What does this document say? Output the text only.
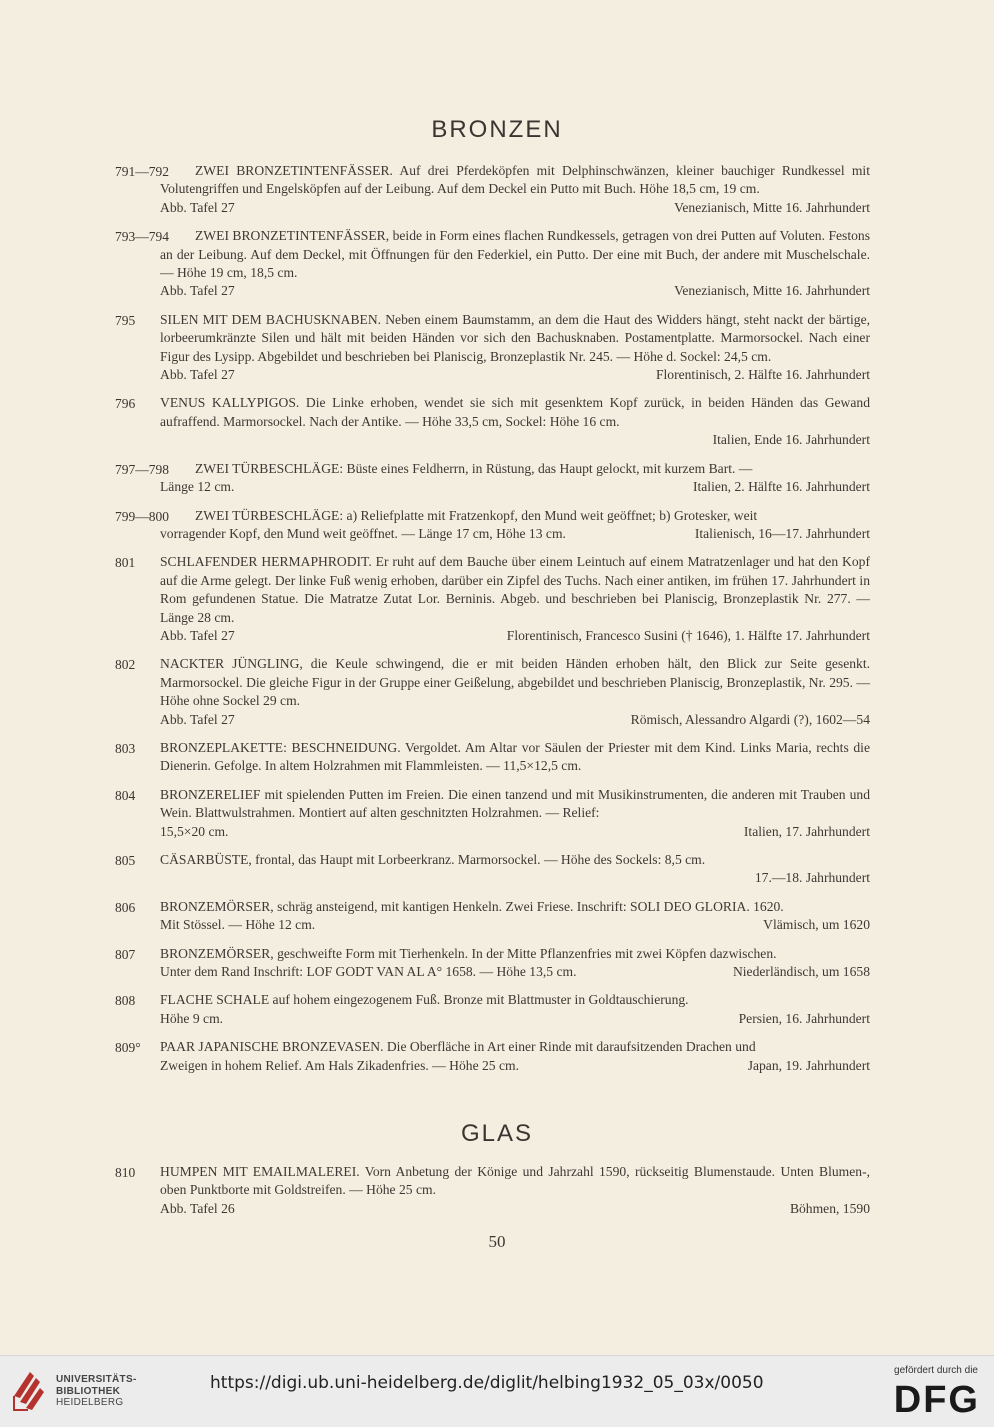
BRONZEN
791—792	ZWEI BRONZETINTENFÄSSER. Auf drei Pferdeköpfen mit Delphinschwänzen, kleiner bauchiger Rundkessel mit Volutengriffen und Engelsköpfen auf der Leibung. Auf dem Deckel ein Putto mit Buch. Höhe 18,5 cm, 19 cm.
Abb. Tafel 27	Venezianisch, Mitte 16. Jahrhundert
793—794	ZWEI BRONZETINTENFÄSSER, beide in Form eines flachen Rundkessels, getragen von drei Putten auf Voluten. Festons an der Leibung. Auf dem Deckel, mit Öffnungen für den Federkiel, ein Putto. Der eine mit Buch, der andere mit Muschelschale. — Höhe 19 cm, 18,5 cm.
Abb. Tafel 27	Venezianisch, Mitte 16. Jahrhundert
795 SILEN MIT DEM BACHUSKNABEN. Neben einem Baumstamm, an dem die Haut des Widders hängt, steht nackt der bärtige, lorbeerumkränzte Silen und hält mit beiden Händen vor sich den Bachusknaben. Postamentplatte. Marmorsockel. Nach einer Figur des Lysipp. Abgebildet und beschrieben bei Planiscig, Bronzeplastik Nr. 245. — Höhe d. Sockel: 24,5 cm.
Abb. Tafel 27	Florentinisch, 2. Hälfte 16. Jahrhundert
796 VENUS KALLYPIGOS. Die Linke erhoben, wendet sie sich mit gesenktem Kopf zurück, in beiden Händen das Gewand aufraffend. Marmorsockel. Nach der Antike. — Höhe 33,5 cm, Sockel: Höhe 16 cm.
Italien, Ende 16. Jahrhundert
797—798	ZWEI TÜRBESCHLÄGE: Büste eines Feldherrn, in Rüstung, das Haupt gelockt, mit kurzem Bart. —
Länge 12 cm.	Italien, 2. Hälfte 16. Jahrhundert
799—800	ZWEI TÜRBESCHLÄGE: a) Reliefplatte mit Fratzenkopf, den Mund weit geöffnet; b) Grotesker, weit
vorragender Kopf, den Mund weit geöffnet. — Länge 17 cm, Höhe 13 cm.	Italienisch, 16—17. Jahrhundert
801 SCHLAFENDER HERMAPHRODIT. Er ruht auf dem Bauche über einem Leintuch auf einem Matratzenlager und hat den Kopf auf die Arme gelegt. Der linke Fuß wenig erhoben, darüber ein Zipfel des Tuchs. Nach einer antiken, im frühen 17. Jahrhundert in Rom gefundenen Statue. Die Matratze Zutat Lor. Berninis. Abgeb. und beschrieben bei Planiscig, Bronzeplastik Nr. 277. — Länge 28 cm.
Abb. Tafel 27	Florentinisch, Francesco Susini († 1646), 1. Hälfte 17. Jahrhundert
802 NACKTER JÜNGLING, die Keule schwingend, die er mit beiden Händen erhoben hält, den Blick zur Seite gesenkt. Marmorsockel. Die gleiche Figur in der Gruppe einer Geißelung, abgebildet und beschrieben Planiscig, Bronzeplastik, Nr. 295. — Höhe ohne Sockel 29 cm.
Abb. Tafel 27	Römisch, Alessandro Algardi (?), 1602—54
803 BRONZEPLAKETTE: BESCHNEIDUNG. Vergoldet. Am Altar vor Säulen der Priester mit dem Kind. Links Maria, rechts die Dienerin. Gefolge. In altem Holzrahmen mit Flammleisten. — 11,5×12,5 cm.
804 BRONZERELIEF mit spielenden Putten im Freien. Die einen tanzend und mit Musikinstrumenten, die anderen mit Trauben und Wein. Blattwulstrahmen. Montiert auf alten geschnitzten Holzrahmen. — Relief:
15,5×20 cm.	Italien, 17. Jahrhundert
805 CÄSARBÜSTE, frontal, das Haupt mit Lorbeerkranz. Marmorsockel. — Höhe des Sockels: 8,5 cm.
17.—18. Jahrhundert
806 BRONZEMÖRSER, schräg ansteigend, mit kantigen Henkeln. Zwei Friese. Inschrift: SOLI DEO GLORIA. 1620.
Mit Stössel. — Höhe 12 cm.	Vlämisch, um 1620
807 BRONZEMÖRSER, geschweifte Form mit Tierhenkeln. In der Mitte Pflanzenfries mit zwei Köpfen dazwischen.
Unter dem Rand Inschrift: LOF GODT VAN AL A° 1658. — Höhe 13,5 cm.	Niederländisch, um 1658
808 FLACHE SCHALE auf hohem eingezogenem Fuß. Bronze mit Blattmuster in Goldtauschierung.
Höhe 9 cm.	Persien, 16. Jahrhundert
809° PAAR JAPANISCHE BRONZEVASEN. Die Oberfläche in Art einer Rinde mit daraufsitzenden Drachen und
Zweigen in hohem Relief. Am Hals Zikadenfries. — Höhe 25 cm.	Japan, 19. Jahrhundert
GLAS
810 HUMPEN MIT EMAILMALEREI. Vorn Anbetung der Könige und Jahrzahl 1590, rückseitig Blumenstaude. Unten Blumen-, oben Punktborte mit Goldstreifen. — Höhe 25 cm.
Abb. Tafel 26	Böhmen, 1590
50
UNIVERSITÄTS-
BIBLIOTHEK
HEIDELBERG
https://digi.ub.uni-heidelberg.de/diglit/helbing1932_05_03x/0050
gefördert durch die
DFG
